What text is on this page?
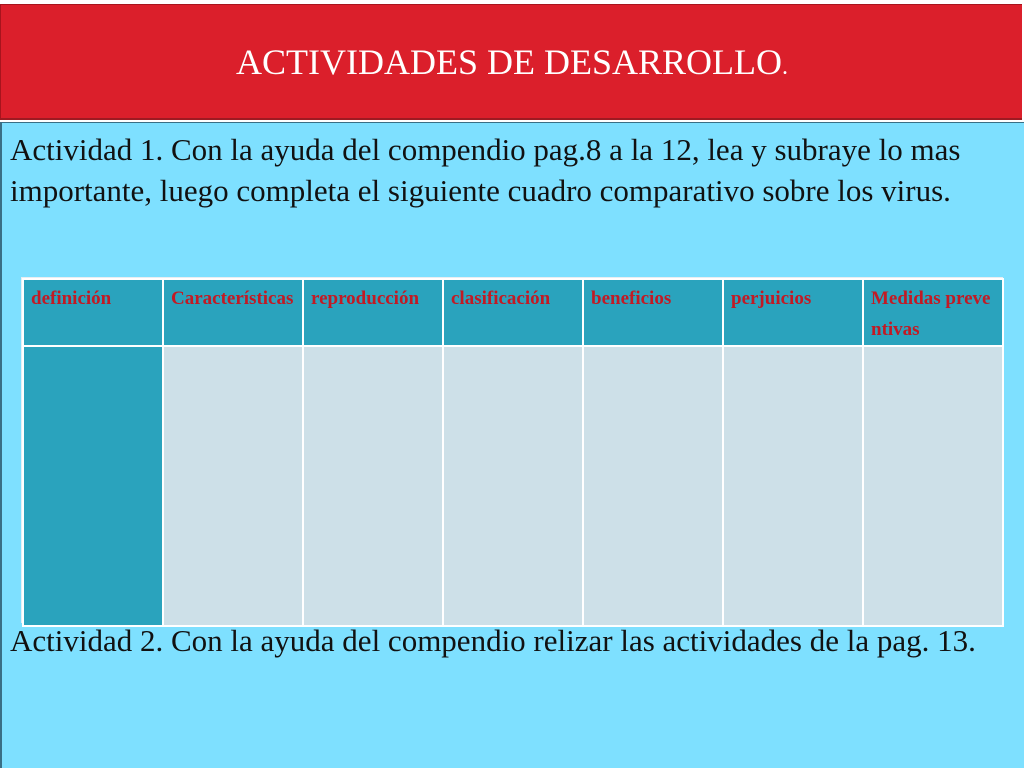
ACTIVIDADES DE DESARROLLO.

Actividad 1. Con la ayuda del compendio pag.8 a la 12, lea y subraye lo mas importante, luego completa el siguiente cuadro comparativo sobre los virus.

definición	Características	reproducción	clasificación	beneficios	perjuicios	Medidas preventivas

Actividad 2. Con la ayuda del compendio relizar las actividades de la pag. 13.
